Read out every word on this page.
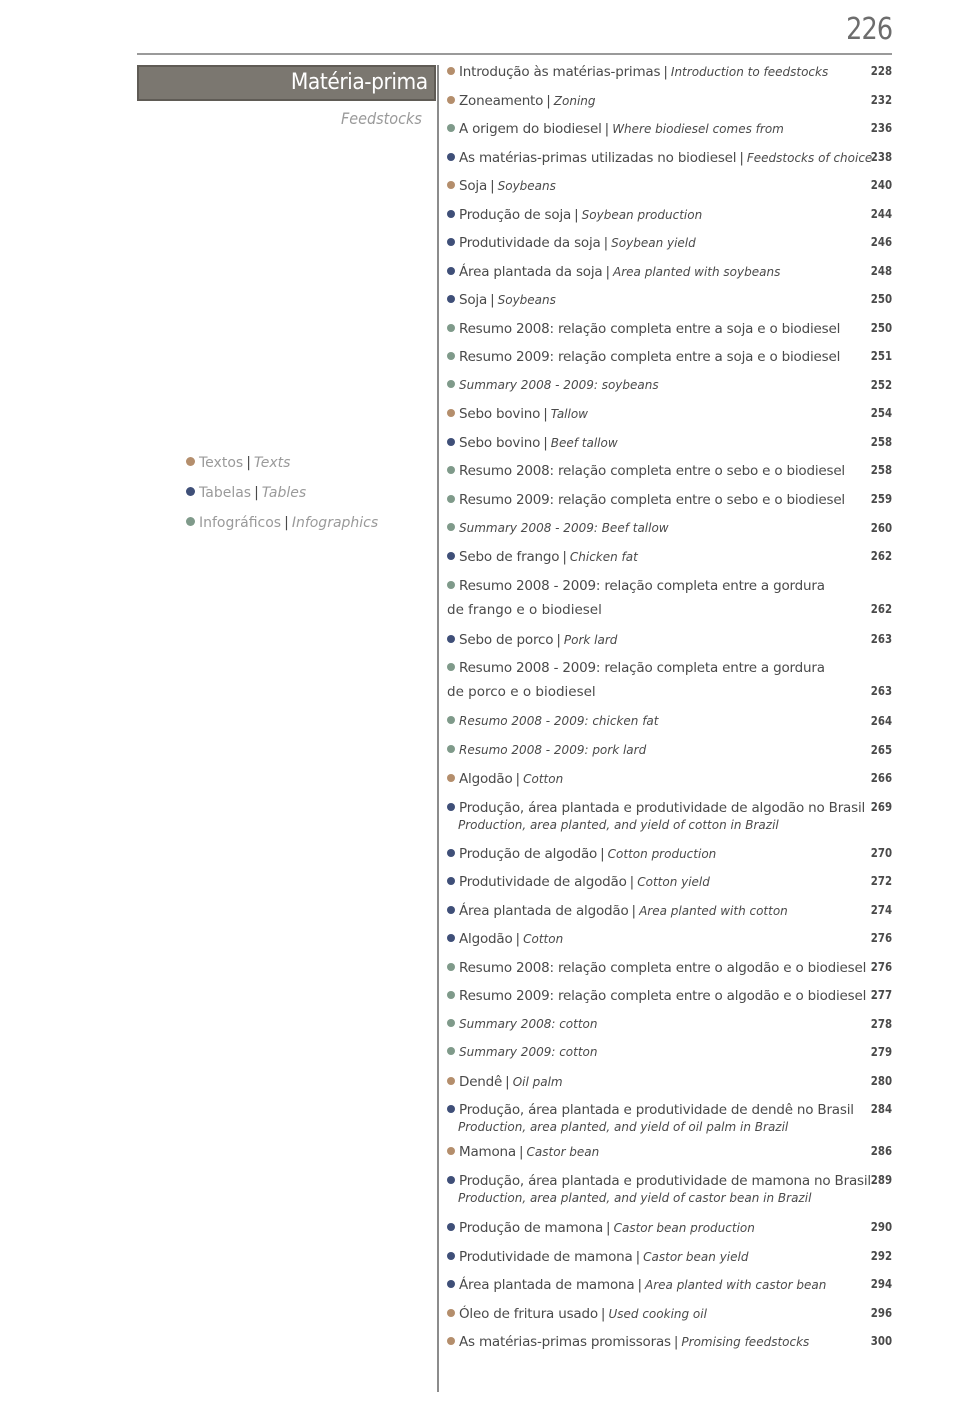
226
Matéria-prima
Feedstocks
Textos | Texts
Tabelas | Tables
Infográficos | Infographics
Introdução às matérias-primas | Introduction to feedstocks	228
Zoneamento | Zoning	232
A origem do biodiesel | Where biodiesel comes from	236
As matérias-primas utilizadas no biodiesel | Feedstocks of choice
238
Soja | Soybeans	240
Produção de soja | Soybean production	244
Produtividade da soja | Soybean yield	246
Área plantada da soja | Area planted with soybeans	248
Soja | Soybeans	250
Resumo 2008: relação completa entre a soja e o biodiesel	250
Resumo 2009: relação completa entre a soja e o biodiesel	251
Summary 2008 - 2009: soybeans	252
Sebo bovino | Tallow	254
Sebo bovino | Beef tallow	258
Resumo 2008: relação completa entre o sebo e o biodiesel 258
Resumo 2009: relação completa entre o sebo e o biodiesel 259
Summary 2008 - 2009: Beef tallow	260
Sebo de frango | Chicken fat	262
Resumo 2008 - 2009: relação completa entre a gordura
de frango e o biodiesel	262
Sebo de porco | Pork lard	263
Resumo 2008 - 2009: relação completa entre a gordura
de porco e o biodiesel	263
Resumo 2008 - 2009: chicken fat	264
Resumo 2008 - 2009: pork lard	265
Algodão | Cotton	266
Produção, área plantada e produtividade de algodão no Brasil
Production, area planted, and yield of cotton in Brazil
269
Produção de algodão | Cotton production	270
Produtividade de algodão | Cotton yield	272
Área plantada de algodão | Area planted with cotton	274
Algodão | Cotton	276
Resumo 2008: relação completa entre o algodão e o biodiesel 276
Resumo 2009: relação completa entre o algodão e o biodiesel 277
Summary 2008: cotton	278
Summary 2009: cotton	279
Dendê | Oil palm	280
Produção, área plantada e produtividade de dendê no Brasil
Production, area planted, and yield of oil palm in Brazil
284
Mamona | Castor bean	286
Produção, área plantada e produtividade de mamona no Brasil
Production, area planted, and yield of castor bean in Brazil
289
Produção de mamona | Castor bean production	290
Produtividade de mamona | Castor bean yield	292
Área plantada de mamona | Area planted with castor bean	294
Óleo de fritura usado | Used cooking oil	296
As matérias-primas promissoras | Promising feedstocks	300
